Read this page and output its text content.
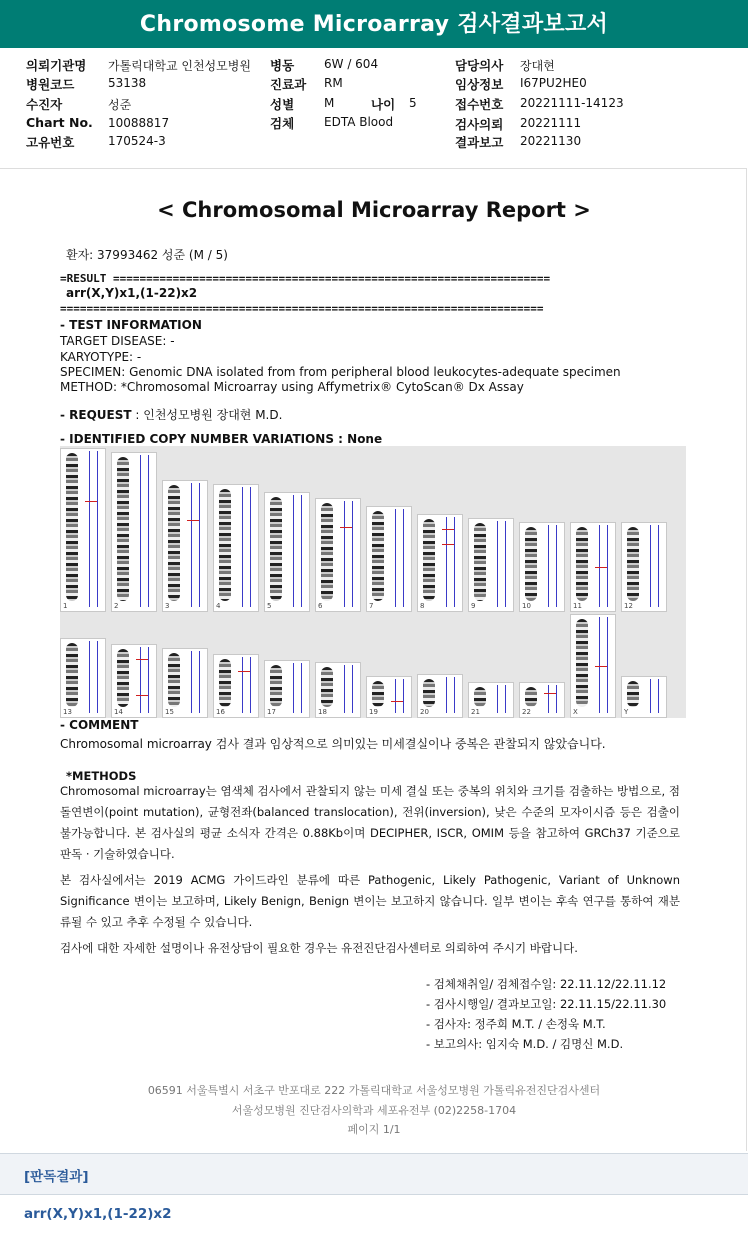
Chromosome Microarray 검사결과보고서
의뢰기관명 가톨릭대학교 인천성모병원
병원코드	53138
수진자	성준
Chart No. 10088817
고유번호	170524-3
병동 6W / 604
진료과 RM
성별 M	나이 5
검체 EDTA Blood
담당의사 장대현
임상정보 I67PU2HE0
접수번호 20221111-14123
검사의뢰 20221111
결과보고 20221130
< Chromosomal Microarray Report >
환자: 37993462 성준 (M / 5)
=RESULT ==================================================================
arr(X,Y)x1,(1-22)x2
=========================================================================
- TEST INFORMATION
TARGET DISEASE: -
KARYOTYPE: -
SPECIMEN: Genomic DNA isolated from from peripheral blood leukocytes-adequate specimen
METHOD: *Chromosomal Microarray using Affymetrix® CytoScan® Dx Assay
- REQUEST : 인천성모병원 장대현 M.D.
- IDENTIFIED COPY NUMBER VARIATIONS : None
1	2	3	4	5	6	7	8	9	10	11	12
13	14	15	16	17	18	19	20	21	22	X	Y
- COMMENT
Chromosomal microarray 검사 결과 임상적으로 의미있는 미세결실이나 중복은 관찰되지 않았습니다.
*METHODS
Chromosomal microarray는 염색체 검사에서 관찰되지 않는 미세 결실 또는 중복의 위치와 크기를 검출하는 방법으로, 점돌연변이(point mutation), 균형전좌(balanced translocation), 전위(inversion), 낮은 수준의 모자이시즘 등은 검출이 불가능합니다. 본 검사실의 평균 소식자 간격은 0.88Kb이며 DECIPHER, ISCR, OMIM 등을 참고하여 GRCh37 기준으로 판독 · 기술하였습니다.
본 검사실에서는 2019 ACMG 가이드라인 분류에 따른 Pathogenic, Likely Pathogenic, Variant of Unknown Significance 변이는 보고하며, Likely Benign, Benign 변이는 보고하지 않습니다. 일부 변이는 후속 연구를 통하여 재분류될 수 있고 추후 수정될 수 있습니다.
검사에 대한 자세한 설명이나 유전상담이 필요한 경우는 유전진단검사센터로 의뢰하여 주시기 바랍니다.
- 검체채취일/ 검체접수일: 22.11.12/22.11.12
- 검사시행일/ 결과보고일: 22.11.15/22.11.30
- 검사자: 정주희 M.T. / 손정욱 M.T.
- 보고의사: 임지숙 M.D. / 김명신 M.D.
06591 서울특별시 서초구 반포대로 222 가톨릭대학교 서울성모병원 가톨릭유전진단검사센터
서울성모병원 진단검사의학과 세포유전부 (02)2258-1704
페이지 1/1
[판독결과]
arr(X,Y)x1,(1-22)x2
